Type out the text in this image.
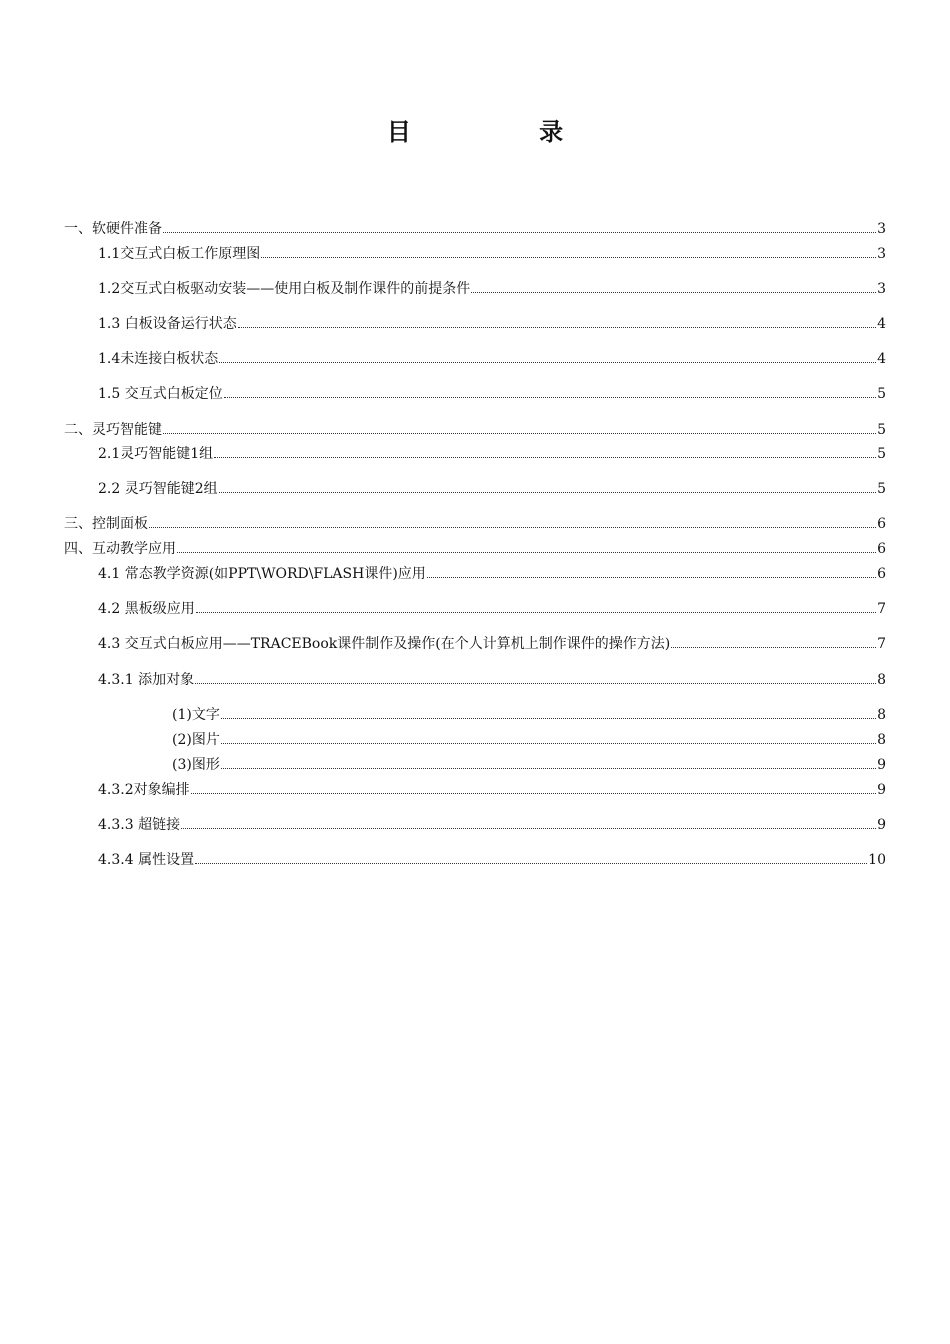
目 录
一、软硬件准备	3
1.1交互式白板工作原理图	3
1.2交互式白板驱动安装——使用白板及制作课件的前提条件	3
1.3 白板设备运行状态	4
1.4未连接白板状态	4
1.5 交互式白板定位	5
二、灵巧智能键	5
2.1灵巧智能键1组	5
2.2 灵巧智能键2组	5
三、控制面板	6
四、互动教学应用	6
4.1 常态教学资源(如PPT\WORD\FLASH课件)应用	6
4.2 黑板级应用	7
4.3 交互式白板应用——TRACEBook课件制作及操作(在个人计算机上制作课件的操作方法)	7
4.3.1 添加对象	8
(1)文字	8
(2)图片	8
(3)图形	9
4.3.2对象编排	9
4.3.3 超链接	9
4.3.4 属性设置	10
